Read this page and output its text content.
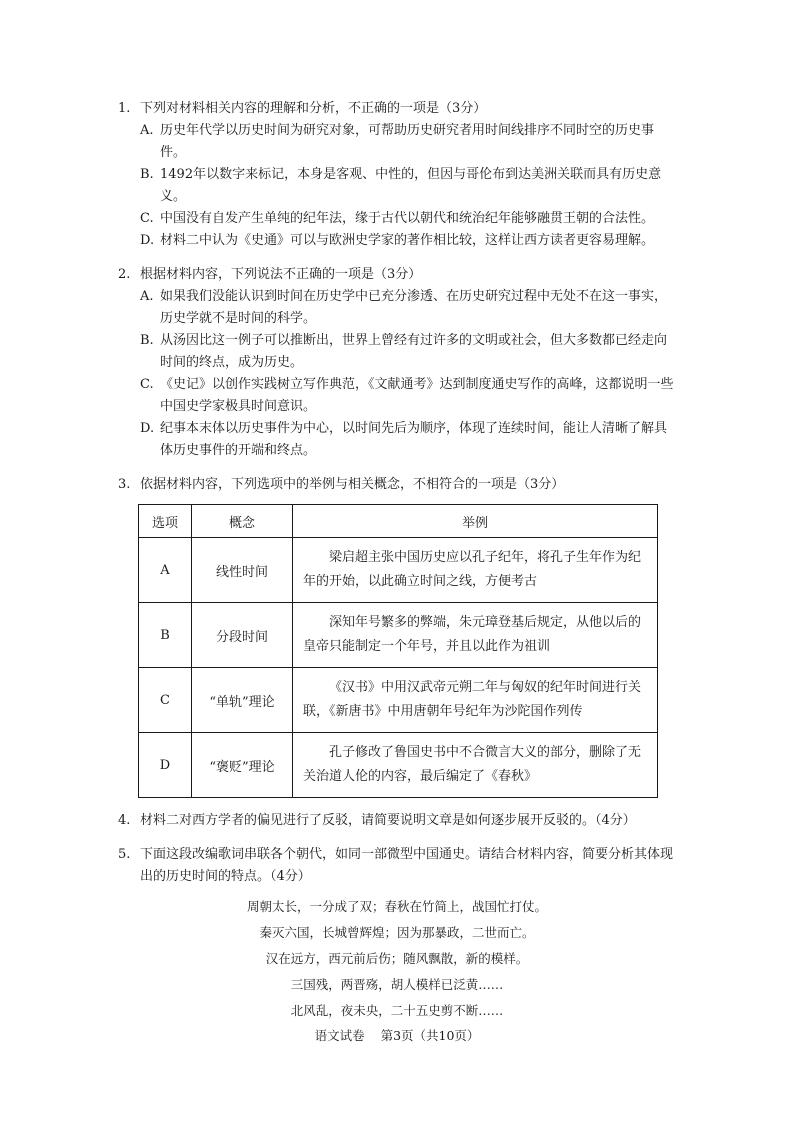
1. 下列对材料相关内容的理解和分析，不正确的一项是（3分）
A. 历史年代学以历史时间为研究对象，可帮助历史研究者用时间线排序不同时空的历史事件。
B. 1492年以数字来标记，本身是客观、中性的，但因与哥伦布到达美洲关联而具有历史意义。
C. 中国没有自发产生单纯的纪年法，缘于古代以朝代和统治纪年能够融贯王朝的合法性。
D. 材料二中认为《史通》可以与欧洲史学家的著作相比较，这样让西方读者更容易理解。
2. 根据材料内容，下列说法不正确的一项是（3分）
A. 如果我们没能认识到时间在历史学中已充分渗透、在历史研究过程中无处不在这一事实，历史学就不是时间的科学。
B. 从汤因比这一例子可以推断出，世界上曾经有过许多的文明或社会，但大多数都已经走向时间的终点，成为历史。
C. 《史记》以创作实践树立写作典范，《文献通考》达到制度通史写作的高峰，这都说明一些中国史学家极具时间意识。
D. 纪事本末体以历史事件为中心，以时间先后为顺序，体现了连续时间，能让人清晰了解具体历史事件的开端和终点。
3. 依据材料内容，下列选项中的举例与相关概念，不相符合的一项是（3分）
选项	概念	举例
A	线性时间	梁启超主张中国历史应以孔子纪年，将孔子生年作为纪年的开始，以此确立时间之线，方便考古
B	分段时间	深知年号繁多的弊端，朱元璋登基后规定，从他以后的皇帝只能制定一个年号，并且以此作为祖训
C	“单轨”理论	《汉书》中用汉武帝元朔二年与匈奴的纪年时间进行关联，《新唐书》中用唐朝年号纪年为沙陀国作列传
D	“褒贬”理论	孔子修改了鲁国史书中不合微言大义的部分，删除了无关治道人伦的内容，最后编定了《春秋》
4. 材料二对西方学者的偏见进行了反驳，请简要说明文章是如何逐步展开反驳的。（4分）
5. 下面这段改编歌词串联各个朝代，如同一部微型中国通史。请结合材料内容，简要分析其体现出的历史时间的特点。（4分）
周朝太长，一分成了双；春秋在竹简上，战国忙打仗。
秦灭六国，长城曾辉煌；因为那暴政，二世而亡。
汉在远方，西元前后伤；随风飘散，新的模样。
三国残，两晋殇，胡人模样已泛黄……
北风乱，夜未央，二十五史剪不断……
语文试卷 第3页（共10页）
